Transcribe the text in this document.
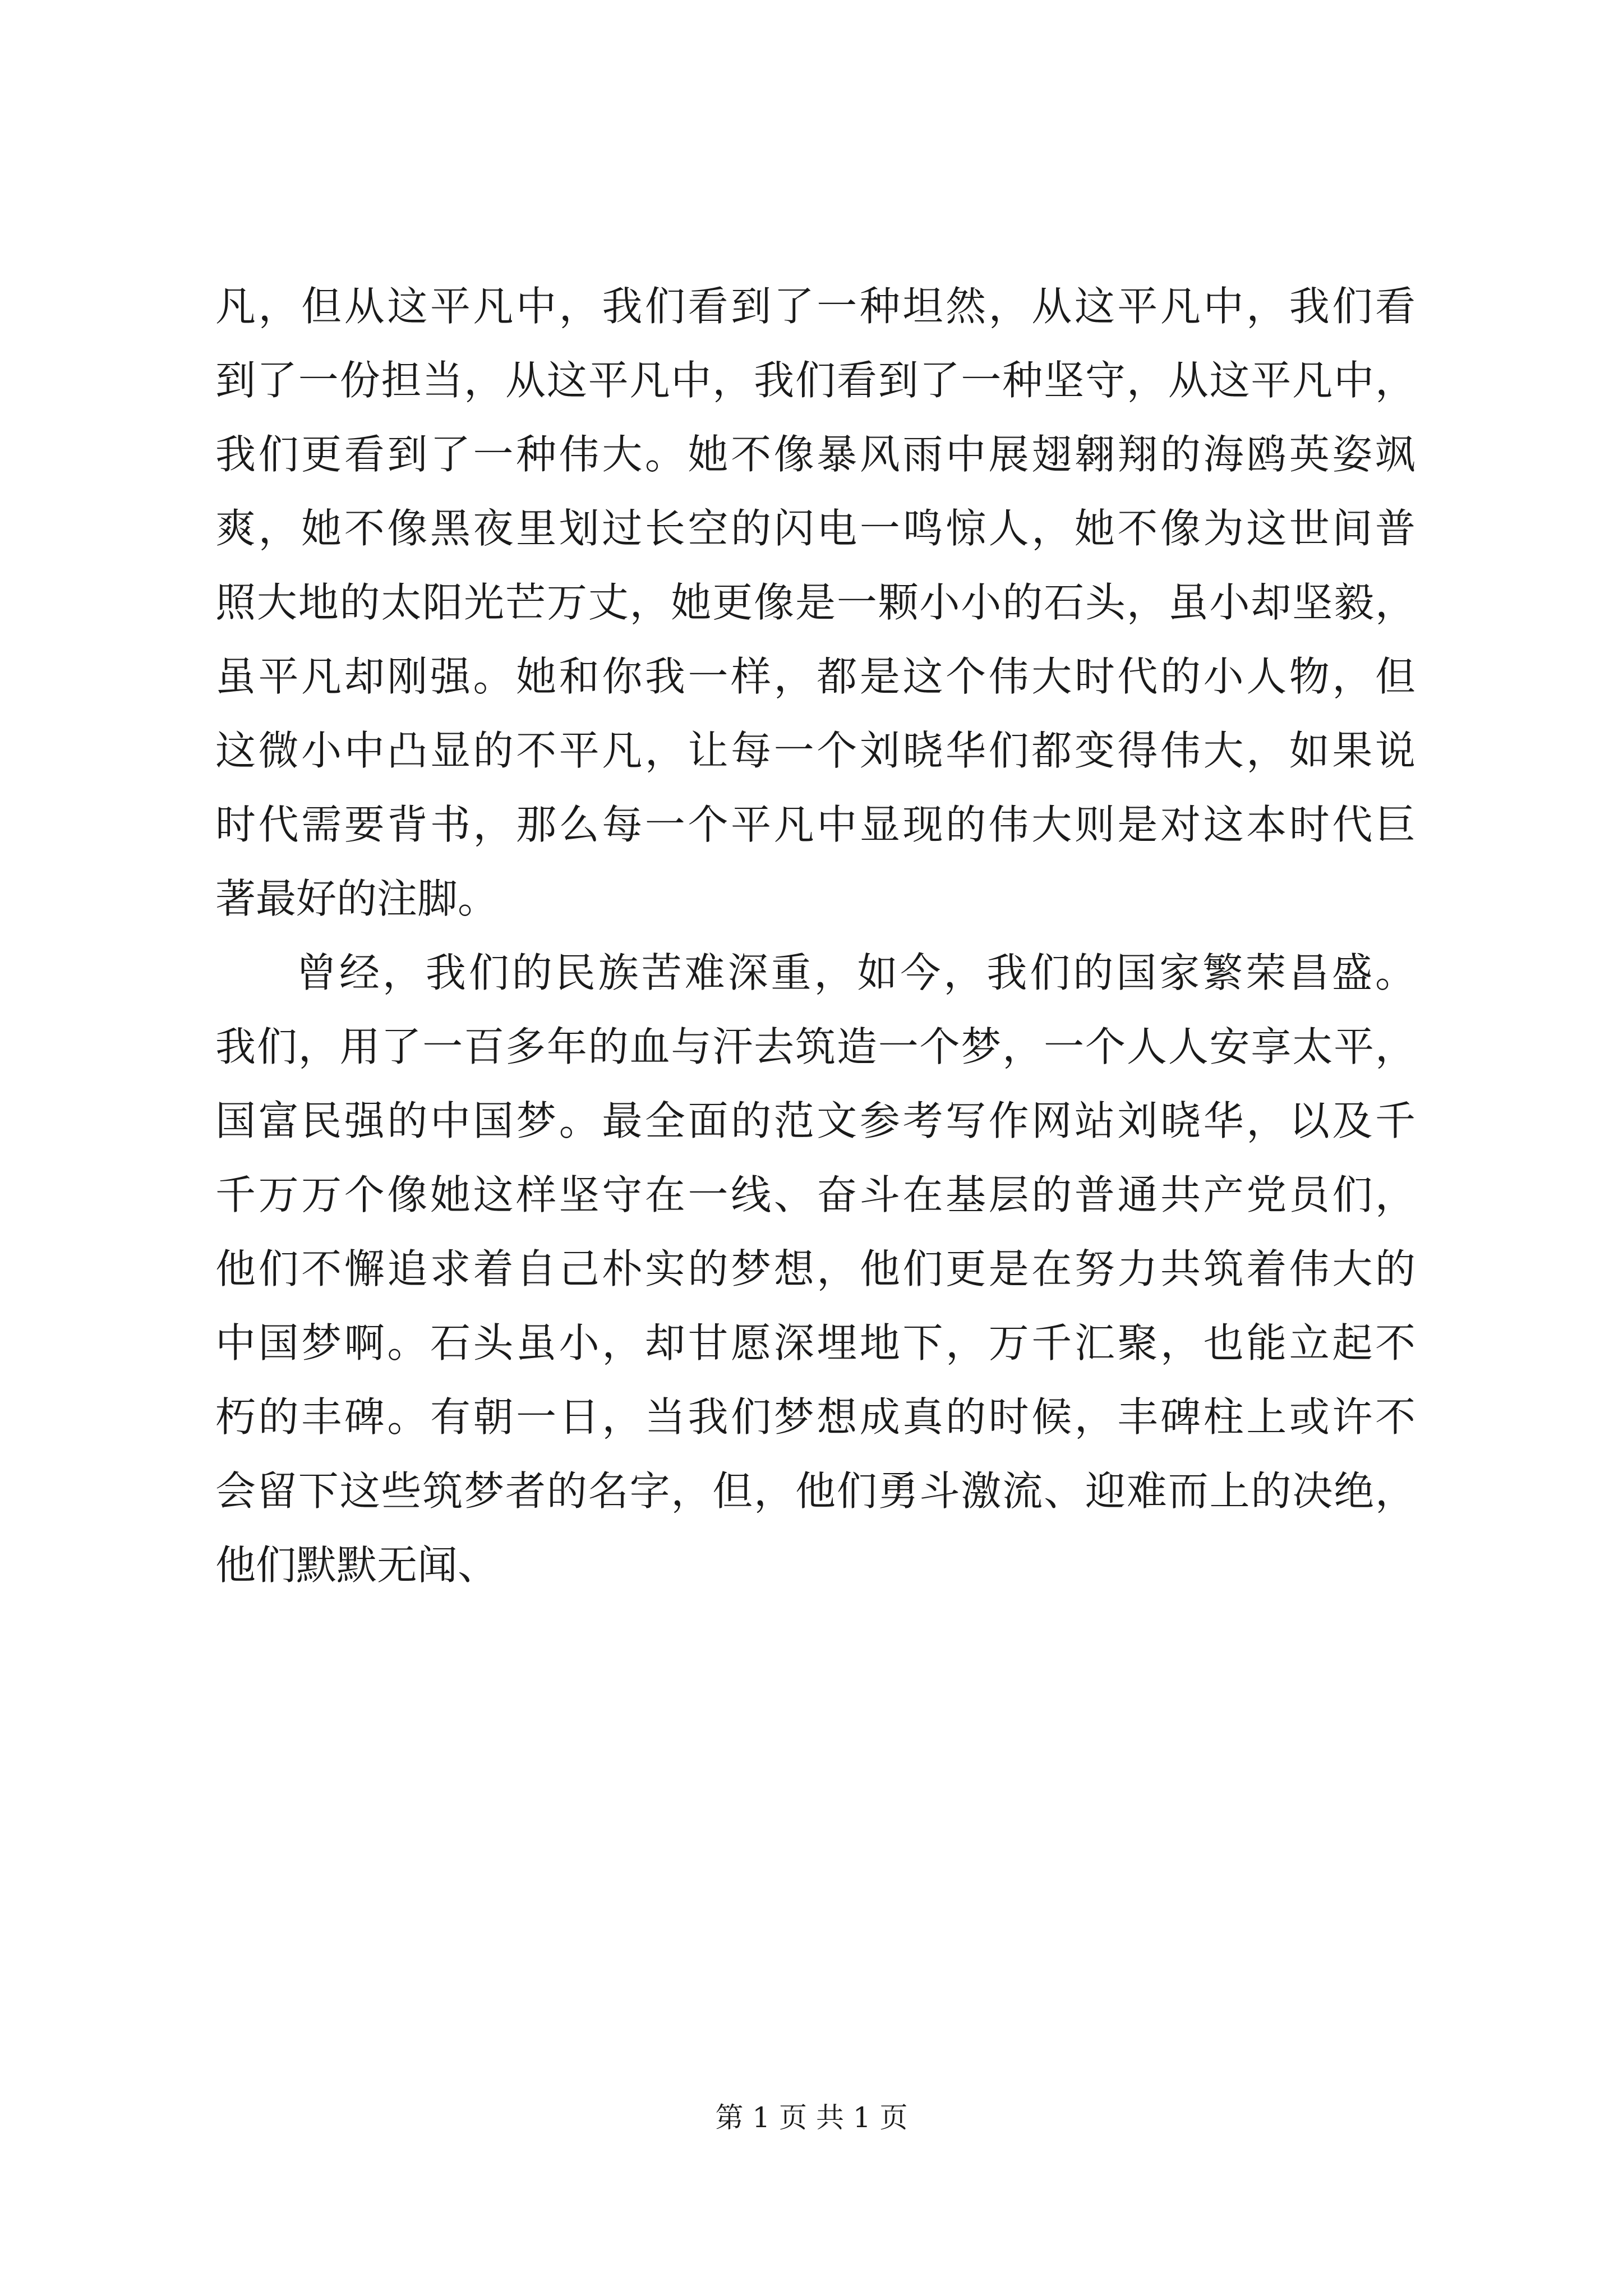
凡，但从这平凡中，我们看到了一种坦然，从这平凡中，我们看
到了一份担当，从这平凡中，我们看到了一种坚守，从这平凡中，
我们更看到了一种伟大。她不像暴风雨中展翅翱翔的海鸥英姿飒
爽，她不像黑夜里划过长空的闪电一鸣惊人，她不像为这世间普
照大地的太阳光芒万丈，她更像是一颗小小的石头，虽小却坚毅，
虽平凡却刚强。她和你我一样，都是这个伟大时代的小人物，但
这微小中凸显的不平凡，让每一个刘晓华们都变得伟大，如果说
时代需要背书，那么每一个平凡中显现的伟大则是对这本时代巨
著最好的注脚。
曾经，我们的民族苦难深重，如今，我们的国家繁荣昌盛。
我们，用了一百多年的血与汗去筑造一个梦，一个人人安享太平，
国富民强的中国梦。最全面的范文参考写作网站刘晓华，以及千
千万万个像她这样坚守在一线、奋斗在基层的普通共产党员们，
他们不懈追求着自己朴实的梦想，他们更是在努力共筑着伟大的
中国梦啊。石头虽小，却甘愿深埋地下，万千汇聚，也能立起不
朽的丰碑。有朝一日，当我们梦想成真的时候，丰碑柱上或许不
会留下这些筑梦者的名字，但，他们勇斗激流、迎难而上的决绝，
他们默默无闻、
第 1 页 共 1 页
